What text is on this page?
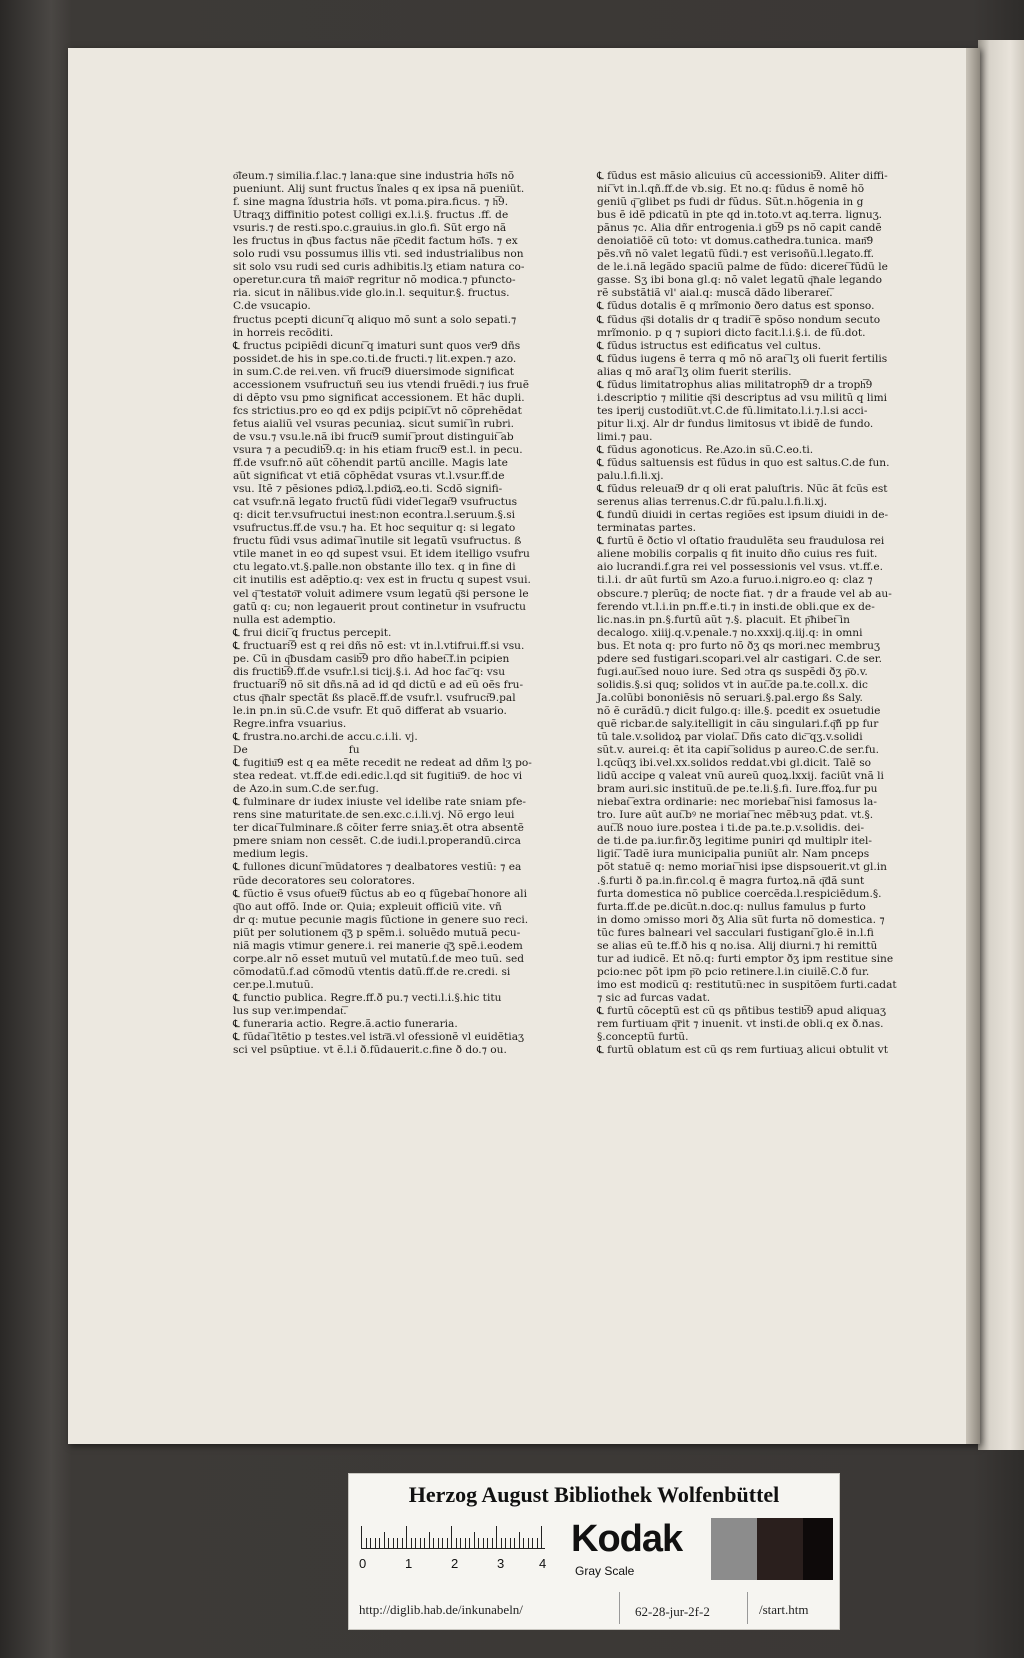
o͞leum.⁊ similia.f.lac.⁊ lana:que sine industria ho͞is nõ
pueniunt. Alij sunt fructus ĩnales q ex ipsa nã pueniũt.
f. sine magna ĩdustria ho͞is. vt poma.pira.ficus. ⁊ h͞9.
Utraqʒ diffinitio potest colligi ex.l.i.§. fructus .ff. de
vsuris.⁊ de resti.spo.c.grauius.in glo.fi. Sũt ergo nã
les fructus in q͞bus factus nãe p͞cedit factum ho͞is. ⁊ ex
solo rudi vsu possumus illis vti. sed industrialibus non
sit solo vsu rudi sed curis adhibitis.lʒ etiam natura co-
operetur.cura tñ maio͞r regritur nõ modica.⁊ pfuncto-
ria. sicut in nãlibus.vide glo.in.l. sequitur.§. fructus.
C.de vsucapio.
fructus pcepti dicunt͞ q aliquo mõ sunt a solo sepati.⁊
in horreis recõditi.
℄ fructus pcipiẽdi dicunt͞ q imaturi sunt quos ver͞9 dñs
possidet.de his in spe.co.ti.de fructi.⁊ lit.expen.⁊ azo.
in sum.C.de rei.ven. vñ fruct͞9 diuersimode significat
accessionem vsufructuñ seu ius vtendi fruẽdi.⁊ ius fruẽ
di dẽpto vsu pmo significat accessionem. Et hãc dupli.
fcs strictius.pro eo qd ex pdijs pcipit͞.vt nõ cõprehẽdat
fetus aialiũ vel vsuras pecuniaꝝ. sicut sumit͞ in rubri.
de vsu.⁊ vsu.le.nã ibi fruct͞9 sumit͞ prout distinguit͞ ab
vsura ⁊ a pecudib͞9.q: in his etiam fruct͞9 est.l. in pecu.
ff.de vsufr.nõ aũt cõhendit partũ ancille. Magis late
aũt significat vt etiã cõphẽdat vsuras vt.l.vsur.ff.de
vsu. Itẽ ⁊ pẽsiones pdio͞ꝝ.l.pdio͞ꝝ.eo.ti. Scdõ signifi-
cat vsufr.nã legato fructũ fũdi videt͞ legat͞9 vsufructus
q: dicit ter.vsufructui inest:non econtra.l.seruum.§.si
vsufructus.ff.de vsu.⁊ ha. Et hoc sequitur q: si legato
fructu fũdi vsus adimat͞ inutile sit legatũ vsufructus. ß
vtile manet in eo qd supest vsui. Et idem itelligo vsufru
ctu legato.vt.§.palle.non obstante illo tex. q in fine di
cit inutilis est adẽptio.q: vex est in fructu q supest vsui.
vel q͞ testato͞r voluit adimere vsum legatũ q͞si persone le
gatũ q: cu; non legauerit prout continetur in vsufructu
nulla est ademptio.
℄ frui dicit͞ q fructus percepit.
℄ fructuari͞9 est q rei dñs nõ est: vt in.l.vtifrui.ff.si vsu.
pe. Cũ in q͞busdam casib͞9 pro dño habet͞.f.in pcipien
dis fructib͞9.ff.de vsufr.l.si ticij.§.i. Ad hoc fac͞ q: vsu
fructuari͞9 nõ sit dñs.nã ad id qd dictũ e ad eũ oẽs fru-
ctus q͞nalr spectãt ßs placẽ.ff.de vsufr.l. vsufruct͞9.pal
le.in pn.in sũ.C.de vsufr. Et quõ differat ab vsuario.
Regre.infra vsuarius.
℄ frustra.no.archi.de accu.c.i.li. vj.
De                              fu
℄ fugitiu͞9 est q ea mẽte recedit ne redeat ad dñm lʒ po-
stea redeat. vt.ff.de edi.edic.l.qd sit fugitiu͞9. de hoc vi
de Azo.in sum.C.de ser.fug.
℄ fulminare dr iudex iniuste vel idelibe rate sniam pfe-
rens sine maturitate.de sen.exc.c.i.li.vj. Nõ ergo leui
ter dicat͞ fulminare.ß cõiter ferre sniaʒ.ẽt otra absentẽ
pmere sniam non cessẽt. C.de iudi.l.properandũ.circa
medium legis.
℄ fullones dicunt͞ mũdatores ⁊ dealbatores vestiũ: ⁊ ea
rũde decoratores seu coloratores.
℄ fũctio ẽ vsus ofuet͞9 fũctus ab eo q fũgebat͞ honore ali
q͞uo aut offõ. Inde or. Quia; expleuit officiũ vite. vñ
dr q: mutue pecunie magis fũctione in genere suo reci.
piũt per solutionem q͞ʒ p spẽm.i. soluẽdo mutuã pecu-
niã magis vtimur genere.i. rei manerie q͞ʒ spẽ.i.eodem
corpe.alr nõ esset mutuũ vel mutatũ.f.de meo tuũ. sed
cõmodatũ.f.ad cõmodũ vtentis datũ.ff.de re.credi. si
cer.pe.l.mutuũ.
℄ functio publica. Regre.ff.ð pu.⁊ vecti.l.i.§.hic titu
lus sup ver.impendat͞.
℄ funeraria actio. Regre.ã.actio funeraria.
℄ fũdat͞ itẽtio p testes.vel istr͞a.vl ofessionẽ vl euidẽtiaʒ
sci vel psũptiue. vt ẽ.l.i ð.fũdauerit.c.fine ð do.⁊ ou.
℄ fũdus est mãsio alicuius cũ accessionib͞9. Aliter diffi-
nit͞ vt in.l.qñ.ff.de vb.sig. Et no.q: fũdus ẽ nomẽ hõ
geniũ q͞ glibet ps fudi dr fũdus. Sũt.n.hõgenia in g
bus ẽ idẽ pdicatũ in pte qd in.toto.vt aq.terra. lignuʒ.
pãnus ⁊c. Alia dñr entrogenia.i gb͞9 ps nõ capit candẽ
denoiatiõẽ cũ toto: vt domus.cathedra.tunica. man͞9
pẽs.vñ nõ valet legatũ fũdi.⁊ est verisoñũ.l.legato.ff.
de le.i.nã legãdo spaciũ palme de fũdo: diceret͞ fũdũ le
gasse. Sʒ ibi bona gl.q: nõ valet legatũ q͞nale legando
rẽ substãtiã vl' aial.q: muscã dãdo liberaret͞.
℄ fũdus dotalis ẽ q mrĩmonio ðero datus est sponso.
℄ fũdus q͞si dotalis dr q tradit͞ ẽ spõso nondum secuto
mrĩmonio. p q ⁊ supiori dicto facit.l.i.§.i. de fũ.dot.
℄ fũdus istructus est edificatus vel cultus.
℄ fũdus iugens ẽ terra q mõ nõ arat͞ lʒ oli fuerit fertilis
alias q mõ arat͞ lʒ olim fuerit sterilis.
℄ fũdus limitatrophus alias militatroph͞9 dr a troph͞9
i.descriptio ⁊ militie q͞si descriptus ad vsu militũ q limi
tes iperij custodiũt.vt.C.de fũ.limitato.l.i.⁊.l.si acci-
pitur li.xj. Alr dr fundus limitosus vt ibidẽ de fundo.
limi.⁊ pau.
℄ fũdus agonoticus. Re.Azo.in sũ.C.eo.ti.
℄ fũdus saltuensis est fũdus in quo est saltus.C.de fun.
palu.l.fi.li.xj.
℄ fũdus releuat͞9 dr q oli erat paluſtris. Nũc ãt fcũs est
serenus alias terrenus.C.dr fũ.palu.l.fi.li.xj.
℄ fundũ diuidi in certas regiões est ipsum diuidi in de-
terminatas partes.
℄ furtũ ẽ ðctio vl oſtatio fraudulẽta seu fraudulosa rei
aliene mobilis corpalis q fit inuito dño cuius res fuit.
aio lucrandi.f.gra rei vel possessionis vel vsus. vt.ff.e.
ti.l.i. dr aũt furtũ sm Azo.a furuo.i.nigro.eo q: claz ⁊
obscure.⁊ plerũq; de nocte fiat. ⁊ dr a fraude vel ab au-
ferendo vt.l.i.in pn.ff.e.ti.⁊ in insti.de obli.que ex de-
lic.nas.in pn.§.furtũ aũt ⁊.§. placuit. Et p͞hibet͞ in
decalogo. xiiij.q.v.penale.⁊ no.xxxij.q.iij.q: in omni
bus. Et nota q: pro furto nõ ðʒ qs mori.nec membruʒ
pdere sed fustigari.scopari.vel alr castigari. C.de ser.
fugi.aut͞.sed nouo iure. Sed ɔtra qs suspẽdi ðʒ p͞o.v.
solidis.§.si quq; solidos vt in aut͞.de pa.te.coll.x. dic
Ja.colũbi bononiẽsis nõ seruari.§.pal.ergo ßs Saly.
nõ ẽ curãdũ.⁊ dicit fulgo.q: ille.§. pcedit ex ɔsuetudie
quẽ ricbar.de saly.itelligit in cãu singulari.f.q͞ñ pp fur
tũ tale.v.solidoꝝ par violat͞. Dñs cato dic͞ qʒ.v.solidi
sũt.v. aurei.q: ẽt ita capit͞ solidus p aureo.C.de ser.fu.
l.qcũqʒ ibi.vel.xx.solidos reddat.vbi gl.dicit. Talẽ so
lidũ accipe q valeat vnũ aureũ quoꝝ.lxxij. faciũt vnã li
bram auri.sic instituũ.de pe.te.li.§.fi. Iure.ffoꝝ.fur pu
niebat͞ extra ordinarie: nec moriebat͞ nisi famosus la-
tro. Iure aũt aut͞.bꝰ ne moriat͞ nec mẽbꝛuʒ pdat. vt.§.
aut͞.ß nouo iure.postea i ti.de pa.te.p.v.solidis. dei-
de ti.de pa.iur.fir.ðʒ legitime puniri qd multiplr itel-
ligit͞. Tadẽ iura municipalia puniũt alr. Nam pnceps
põt statuẽ q: nemo moriat͞ nisi ipse dispsouerit.vt gl.in
.§.furti ð pa.in.fir.col.q ẽ magra furtoꝝ.nã q͞dã sunt
furta domestica nõ publice coercẽda.l.respiciẽdum.§.
furta.ff.de pe.dicũt.n.doc.q: nullus famulus p furto
in domo ɔmisso mori ðʒ Alia sũt furta nõ domestica. ⁊
tũc fures balneari vel sacculari fustigant͞ glo.ẽ in.l.fi
se alias eũ te.ff.ð his q no.isa. Alij diurni.⁊ hi remittũ
tur ad iudicẽ. Et nõ.q: furti emptor ðʒ ipm restitue sine
pcio:nec põt ipm p͞o pcio retinere.l.in ciuilẽ.C.ð fur.
imo est modicũ q: restitutũ:nec in suspitõem furti.cadat
⁊ sic ad furcas vadat.
℄ furtũ cõceptũ est cũ qs pñtibus testib͞9 apud aliquaʒ
rem furtiuam q͞rit ⁊ inuenit. vt insti.de obli.q ex ð.nas.
§.conceptũ furtũ.
℄ furtũ oblatum est cũ qs rem furtiuaʒ alicui obtulit vt
Herzog August Bibliothek Wolfenbüttel
0	1	2	3	4
Kodak
Gray Scale
http://diglib.hab.de/inkunabeln/	62-28-jur-2f-2	/start.htm
